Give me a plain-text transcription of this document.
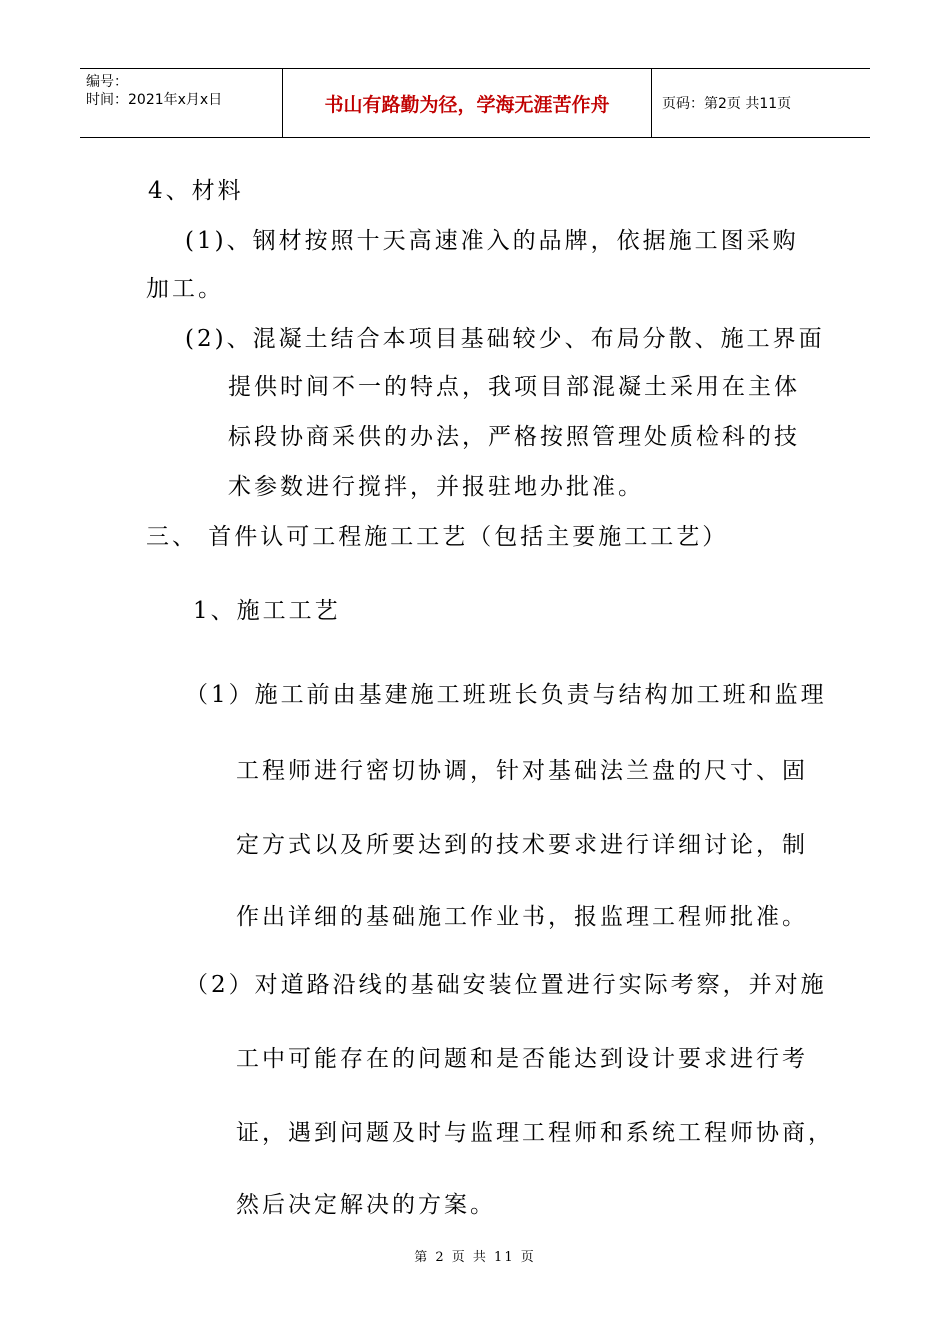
编号：
时间：2021年x月x日	书山有路勤为径，学海无涯苦作舟	页码：第2页 共11页
4、材料
(1)、钢材按照十天高速准入的品牌，依据施工图采购
加工。
(2)、混凝土结合本项目基础较少、布局分散、施工界面
提供时间不一的特点，我项目部混凝土采用在主体
标段协商采供的办法，严格按照管理处质检科的技
术参数进行搅拌，并报驻地办批准。
三、 首件认可工程施工工艺（包括主要施工工艺）
1、施工工艺
（1）施工前由基建施工班班长负责与结构加工班和监理
工程师进行密切协调，针对基础法兰盘的尺寸、固
定方式以及所要达到的技术要求进行详细讨论，制
作出详细的基础施工作业书，报监理工程师批准。
（2）对道路沿线的基础安装位置进行实际考察，并对施
工中可能存在的问题和是否能达到设计要求进行考
证，遇到问题及时与监理工程师和系统工程师协商，
然后决定解决的方案。
第 2 页 共 11 页
